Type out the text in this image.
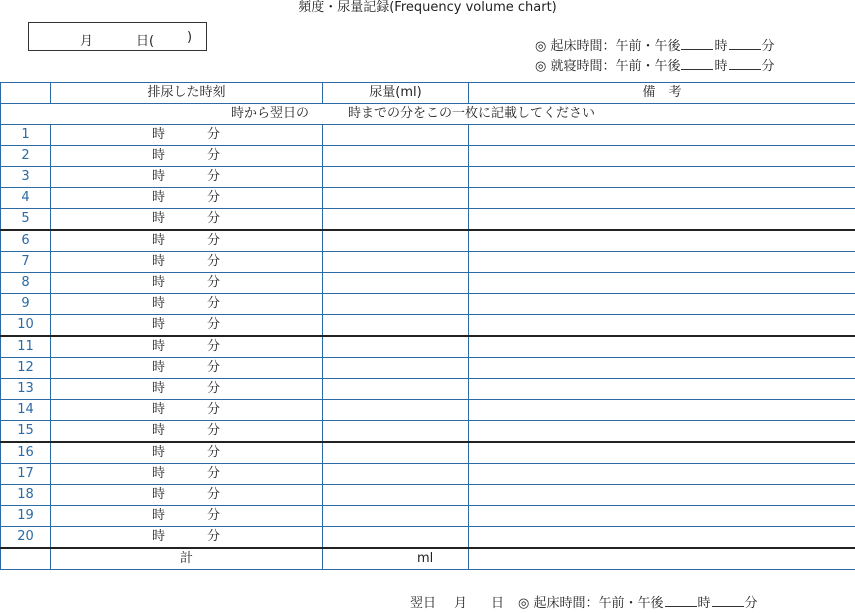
頻度・尿量記録(Frequency volume chart)
月	日(	)
◎ 起床時間：午前・午後	時	分
◎ 就寝時間：午前・午後	時	分
	排尿した時刻	尿量(ml)	備　考
時から翌日の　　　時までの分をこの一枚に記載してください			
1	時 分		

2	時 分		

3	時 分		

4	時 分		

5	時 分		

6	時 分		

7	時 分		

8	時 分		

9	時 分		

10	時 分		

11	時 分		

12	時 分		

13	時 分		

14	時 分		

15	時 分		

16	時 分		

17	時 分		

18	時 分		

19	時 分		

20	時 分		

	計	ml	

翌日 月 日 ◎ 起床時間：午前・午後	時	分
